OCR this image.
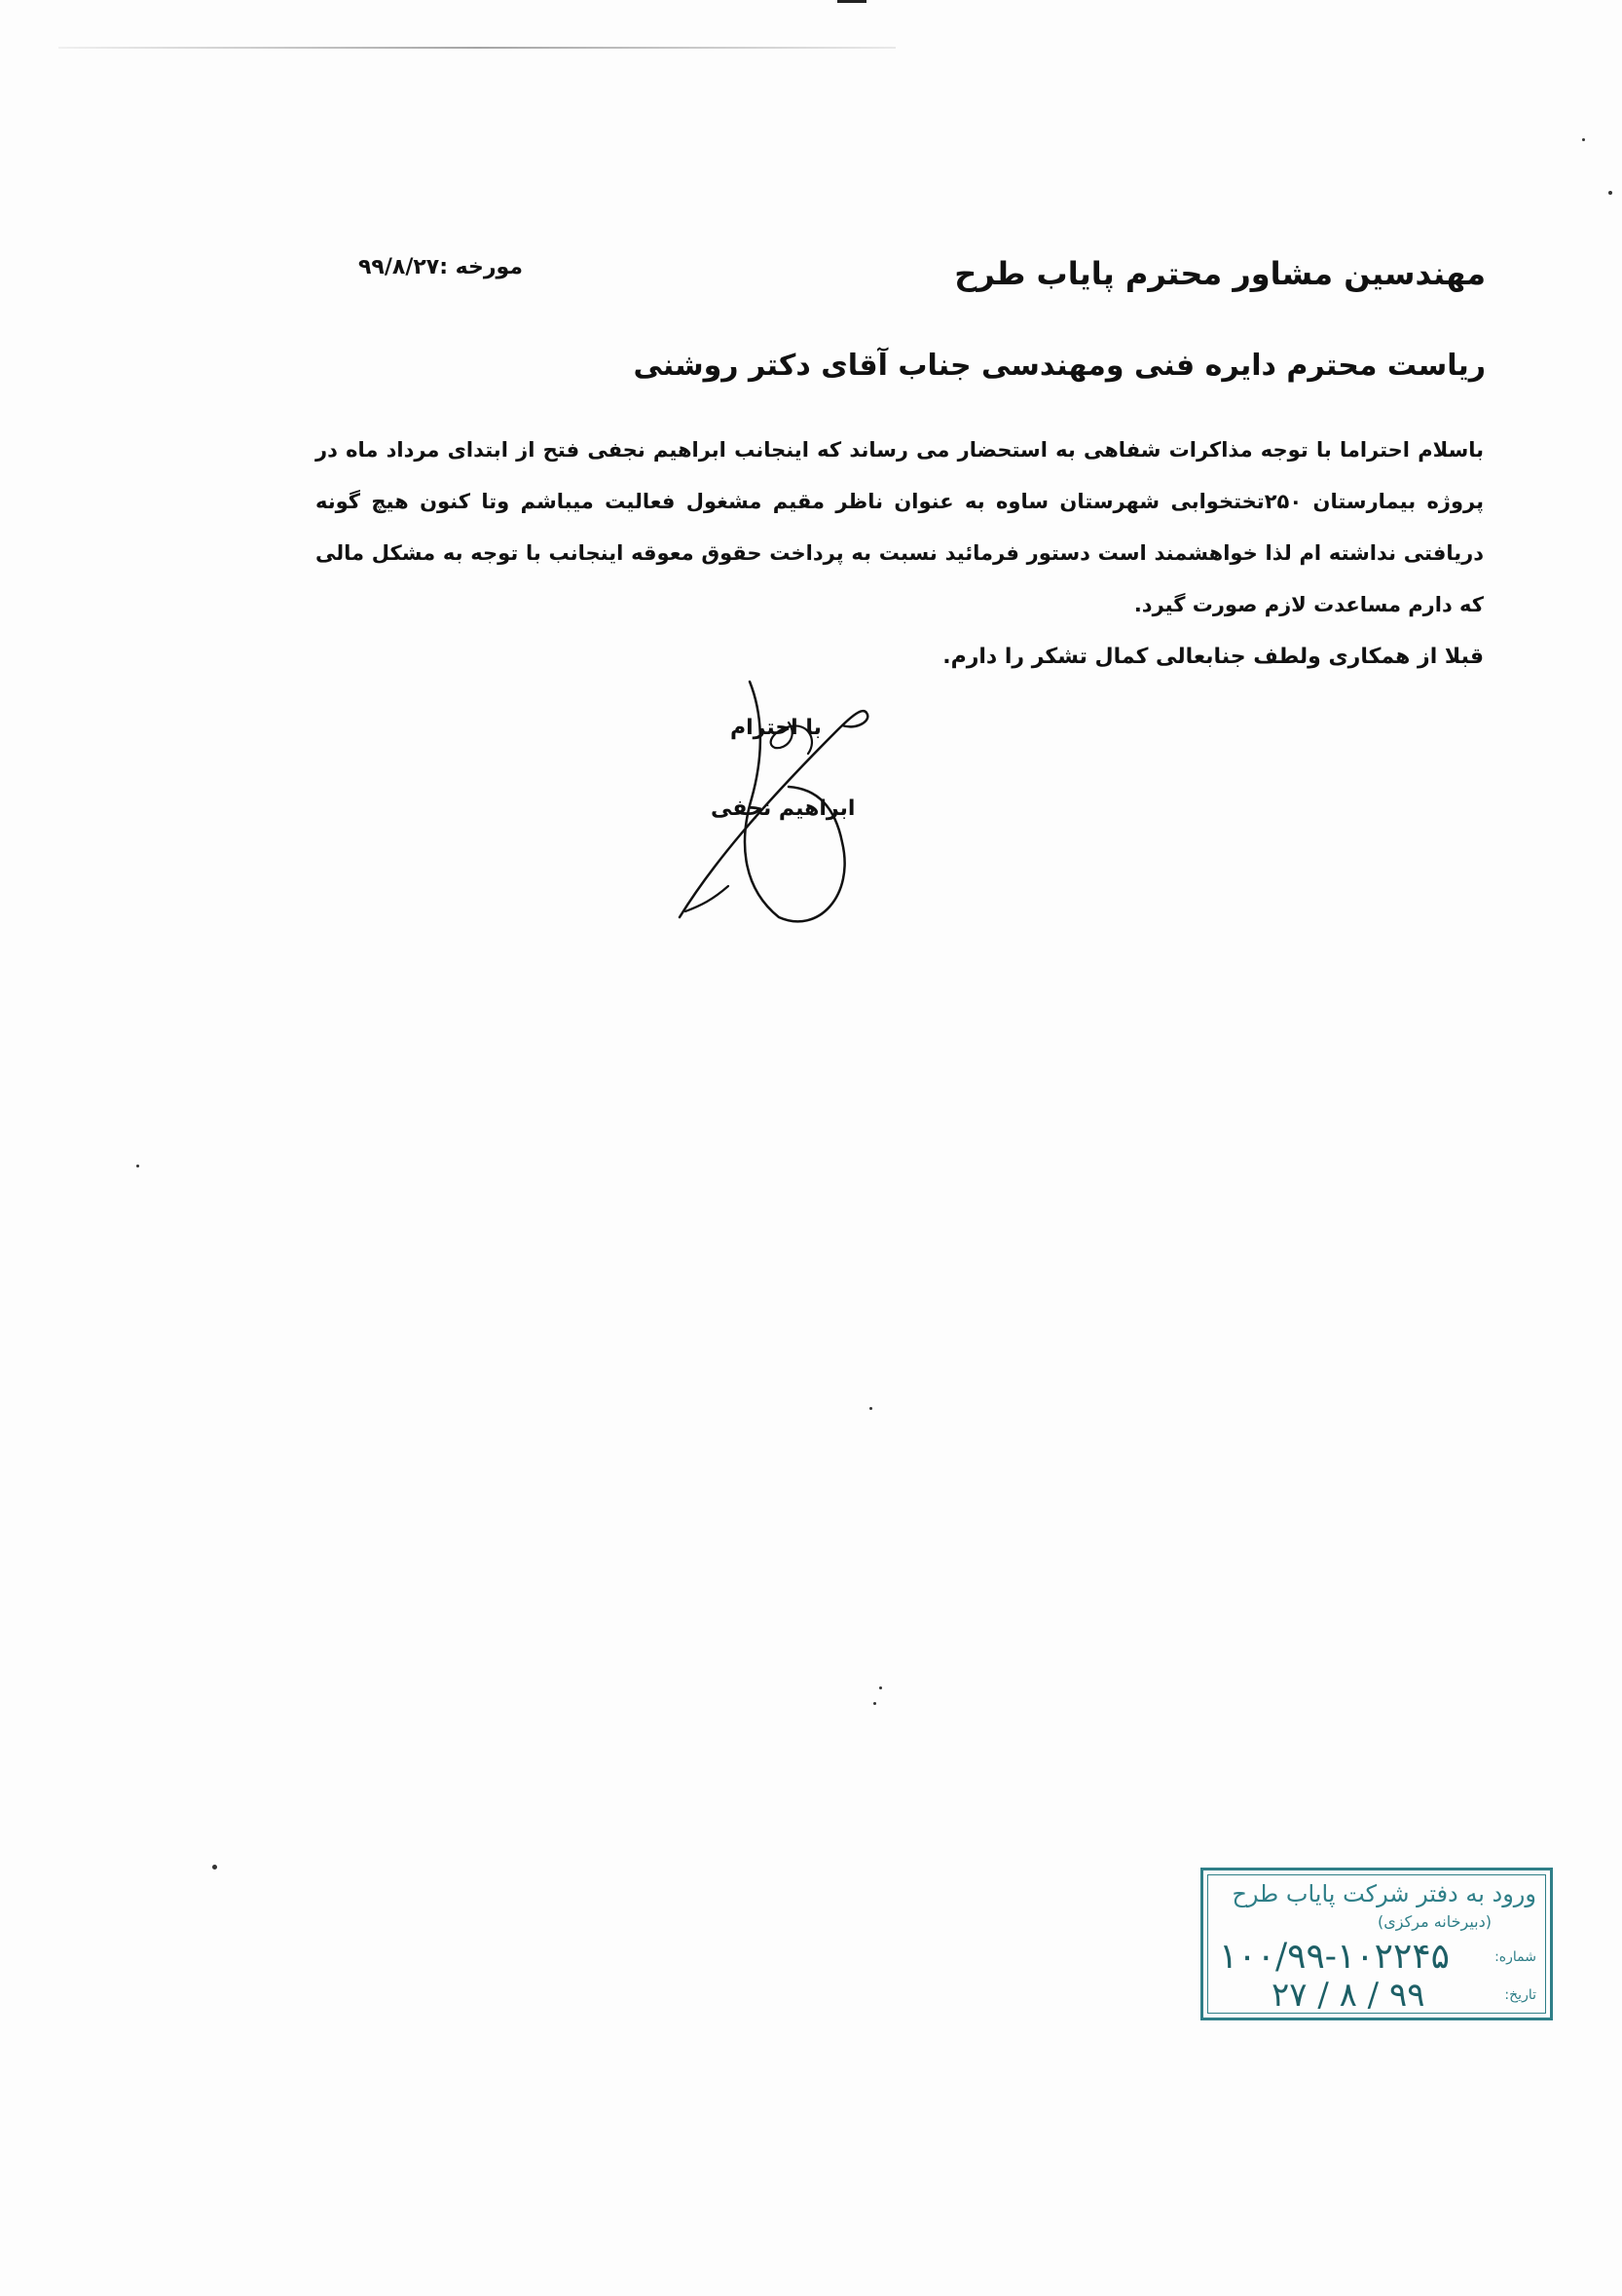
مهندسین مشاور محترم پایاب طرح
مورخه :۹۹/۸/۲۷
ریاست محترم دایره فنی ومهندسی جناب آقای دکتر روشنی
باسلام احتراما با توجه مذاکرات شفاهی به استحضار می رساند که اینجانب ابراهیم نجفی فتح از ابتدای مرداد ماه در پروژه بیمارستان ۲۵۰تختخوابی شهرستان ساوه به عنوان ناظر مقیم مشغول فعالیت میباشم وتا کنون هیچ گونه دریافتی نداشته ام لذا خواهشمند است دستور فرمائید نسبت به پرداخت حقوق معوقه اینجانب با توجه به مشکل مالی که دارم مساعدت لازم صورت گیرد.
قبلا از همکاری ولطف جنابعالی کمال تشکر را دارم.
با احترام
ابراهیم نجفی
ورود به دفتر شرکت پایاب طرح
(دبیرخانه مرکزی)
شماره:
۱۰۰/۹۹-۱۰۲۲۴۵
تاریخ:
۹۹ / ۸ / ۲۷
